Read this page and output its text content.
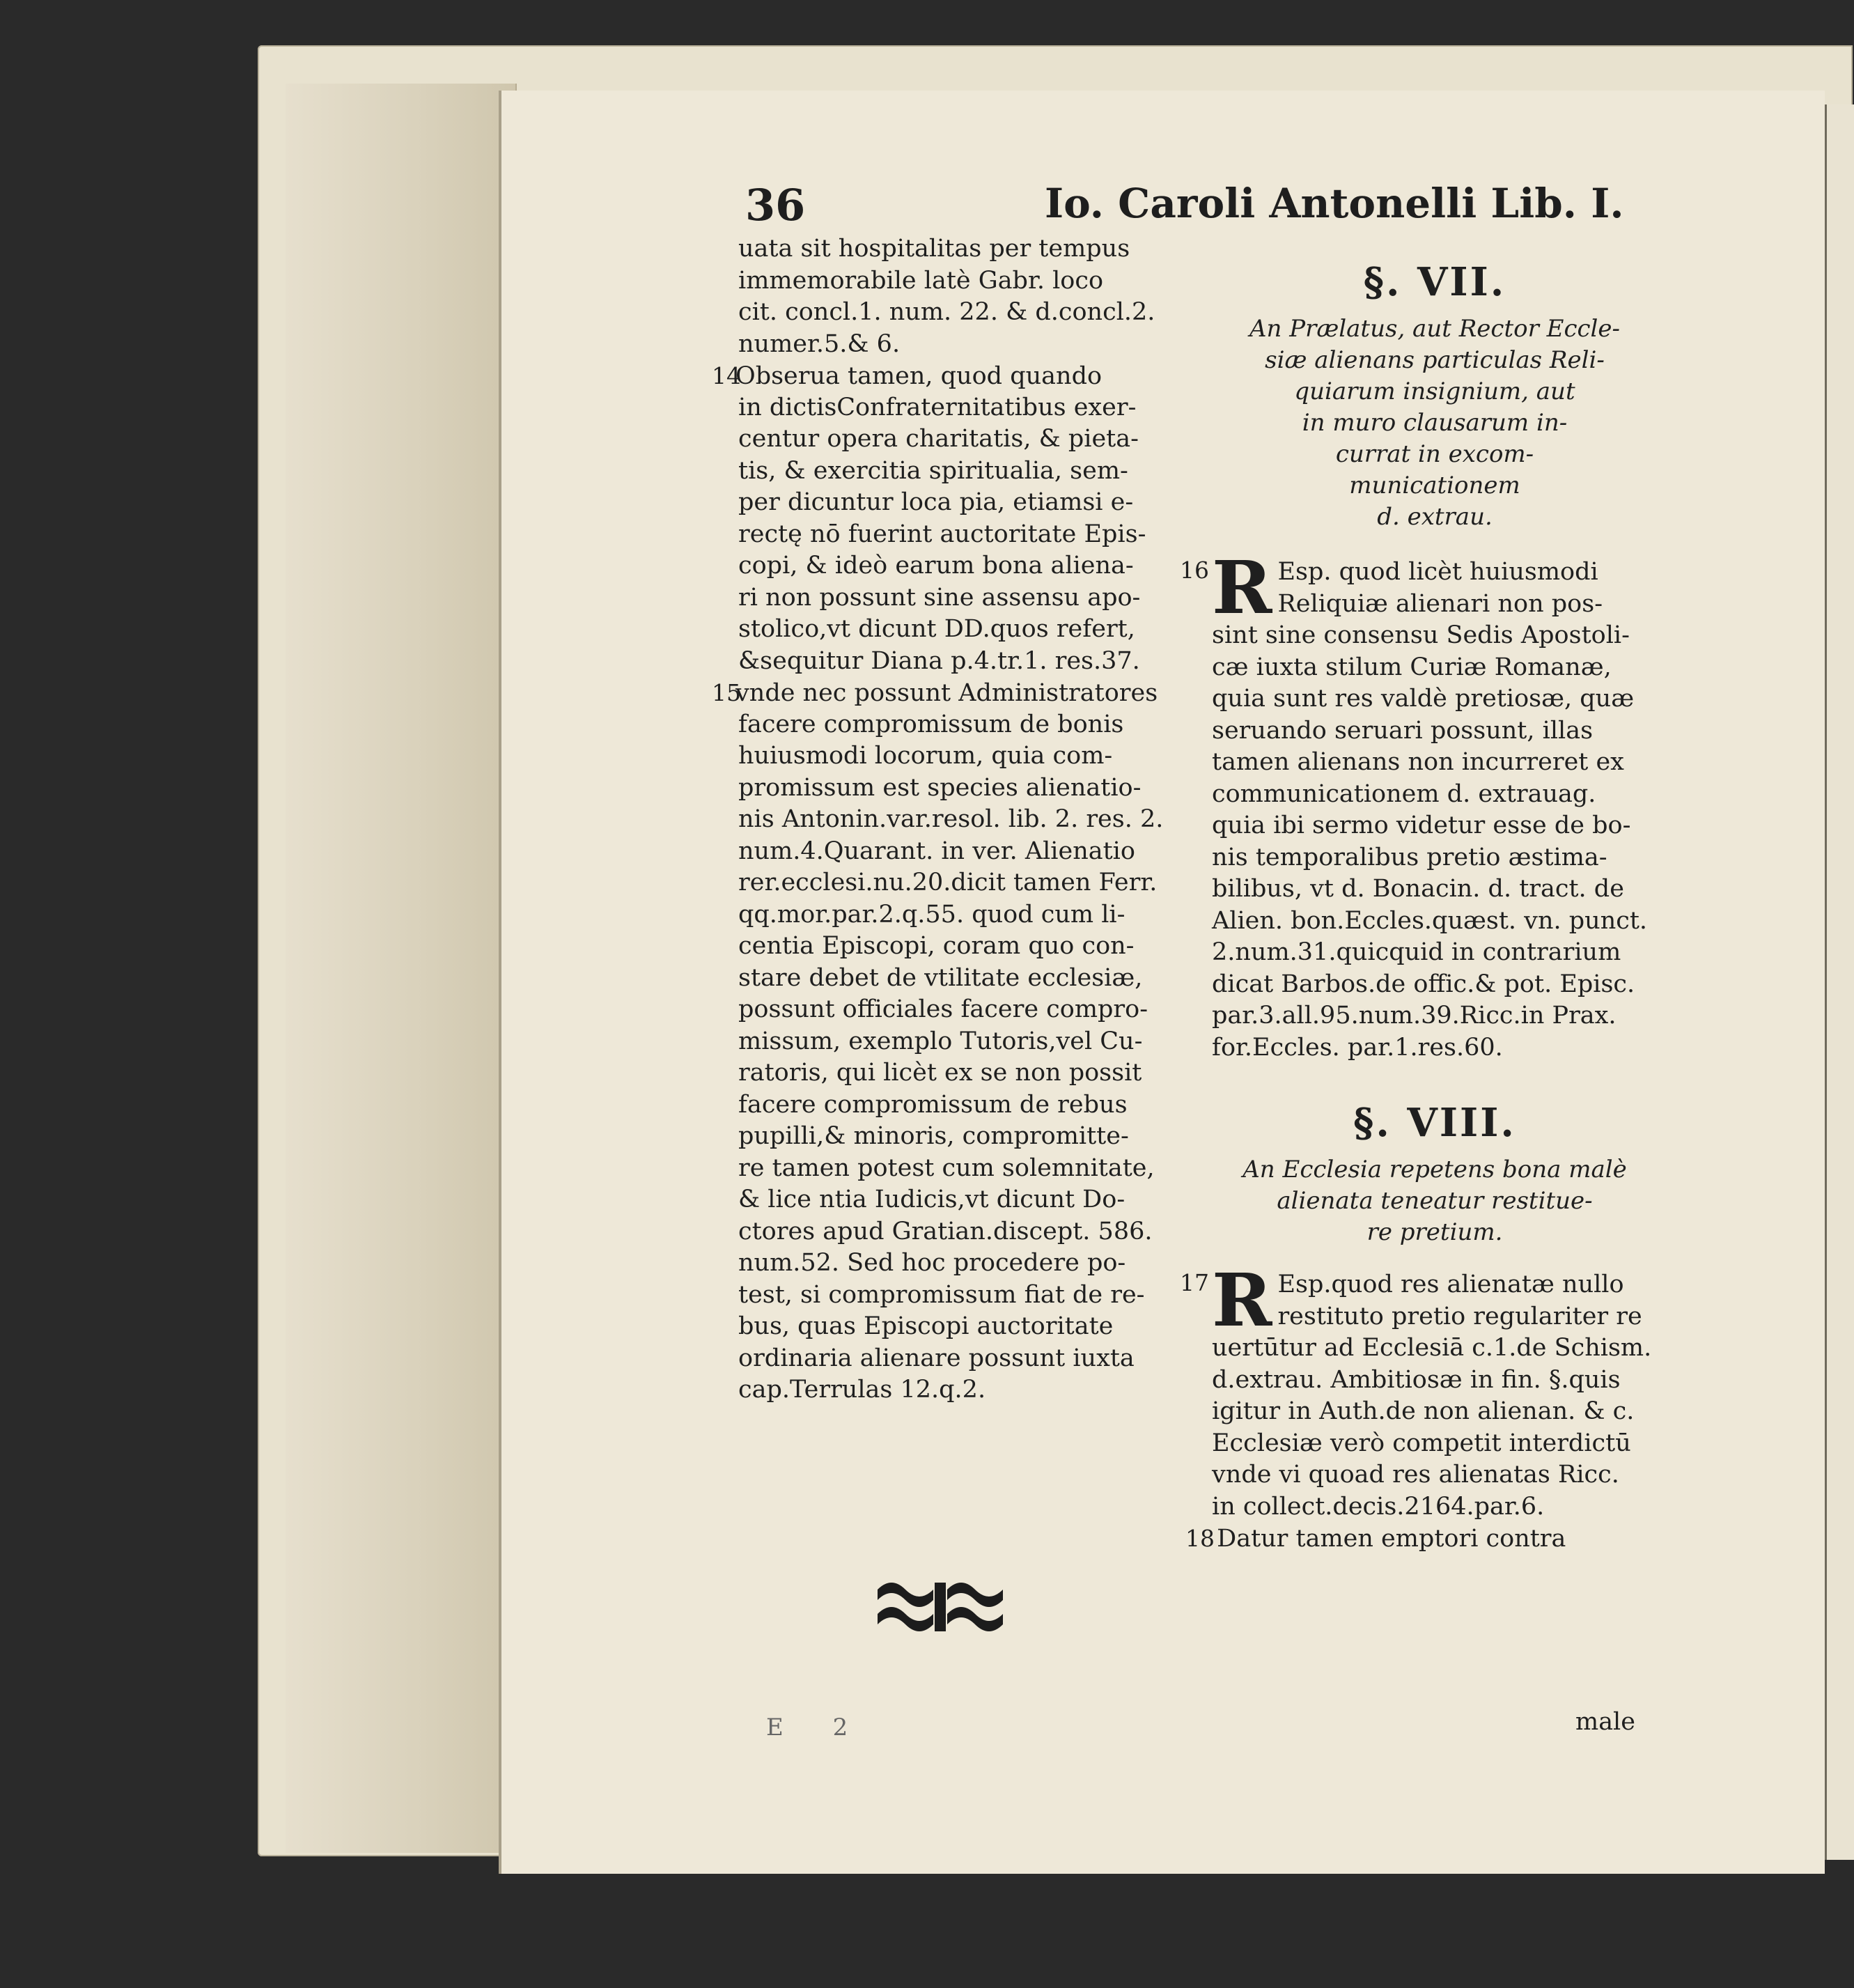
36	Io. Caroli Antonelli Lib. I.
uata sit hospitalitas per tempus
immemorabile latè Gabr. loco
cit. concl.1. num. 22. & d.concl.2.
numer.5.& 6.
14Obserua tamen, quod quando
in dictisConfraternitatibus exer-
centur opera charitatis, & pieta-
tis, & exercitia spiritualia, sem-
per dicuntur loca pia, etiamsi e-
rectę nō fuerint auctoritate Epis-
copi, & ideò earum bona aliena-
ri non possunt sine assensu apo-
stolico,vt dicunt DD.quos refert,
&sequitur Diana p.4.tr.1. res.37.
15vnde nec possunt Administratores
facere compromissum de bonis
huiusmodi locorum, quia com-
promissum est species alienatio-
nis Antonin.var.resol. lib. 2. res. 2.
num.4.Quarant. in ver. Alienatio
rer.ecclesi.nu.20.dicit tamen Ferr.
qq.mor.par.2.q.55. quod cum li-
centia Episcopi, coram quo con-
stare debet de vtilitate ecclesiæ,
possunt officiales facere compro-
missum, exemplo Tutoris,vel Cu-
ratoris, qui licèt ex se non possit
facere compromissum de rebus
pupilli,& minoris, compromitte-
re tamen potest cum solemnitate,
& lice ntia Iudicis,vt dicunt Do-
ctores apud Gratian.discept. 586.
num.52. Sed hoc procedere po-
test, si compromissum fiat de re-
bus, quas Episcopi auctoritate
ordinaria alienare possunt iuxta
cap.Terrulas 12.q.2.
§. VII.
An Prælatus, aut Rector Eccle-
siæ alienans particulas Reli-
quiarum insignium, aut
in muro clausarum in-
currat in excom-
municationem
d. extrau.
16 R Esp. quod licèt huiusmodi
Reliquiæ alienari non pos-
sint sine consensu Sedis Apostoli-
cæ iuxta stilum Curiæ Romanæ,
quia sunt res valdè pretiosæ, quæ
seruando seruari possunt, illas
tamen alienans non incurreret ex
communicationem d. extrauag.
quia ibi sermo videtur esse de bo-
nis temporalibus pretio æstima-
bilibus, vt d. Bonacin. d. tract. de
Alien. bon.Eccles.quæst. vn. punct.
2.num.31.quicquid in contrarium
dicat Barbos.de offic.& pot. Episc.
par.3.all.95.num.39.Ricc.in Prax.
for.Eccles. par.1.res.60.
§. VIII.
An Ecclesia repetens bona malè
alienata teneatur restitue-
re pretium.
17 R Esp.quod res alienatæ nullo
restituto pretio regulariter re
uertūtur ad Ecclesiā c.1.de Schism.
d.extrau. Ambitiosæ in fin. §.quis
igitur in Auth.de non alienan. & c.
Ecclesiæ verò competit interdictū
vnde vi quoad res alienatas Ricc.
in collect.decis.2164.par.6.
18 Datur tamen emptori contra
E 2	male
